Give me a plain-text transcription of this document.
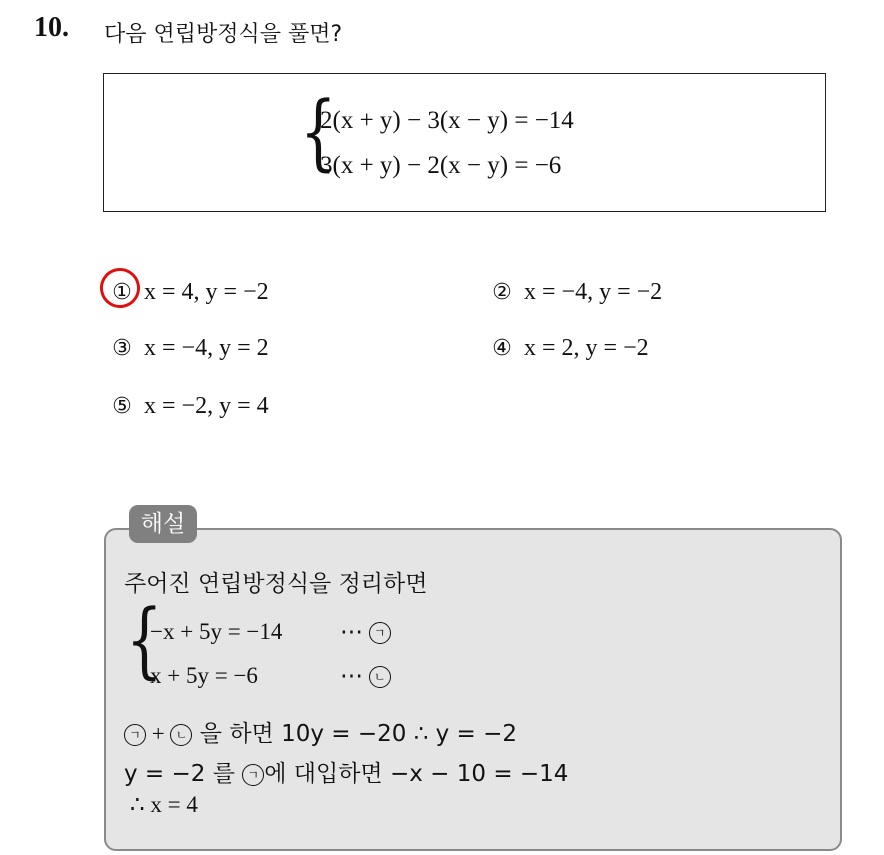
10. 다음 연립방정식을 풀면?
{
2(x + y) − 3(x − y) = −14
3(x + y) − 2(x − y) = −6
① x = 4, y = −2	② x = −4, y = −2
③ x = −4, y = 2	④ x = 2, y = −2
⑤ x = −2, y = 4
해설
주어진 연립방정식을 정리하면
{
−x + 5y = −14	⋯ ㄱ
x + 5y = −6	⋯ ㄴ
ㄱ + ㄴ 을 하면 10y = −20 ∴ y = −2
y = −2 를 ㄱ 에 대입하면 −x − 10 = −14
∴ x = 4
